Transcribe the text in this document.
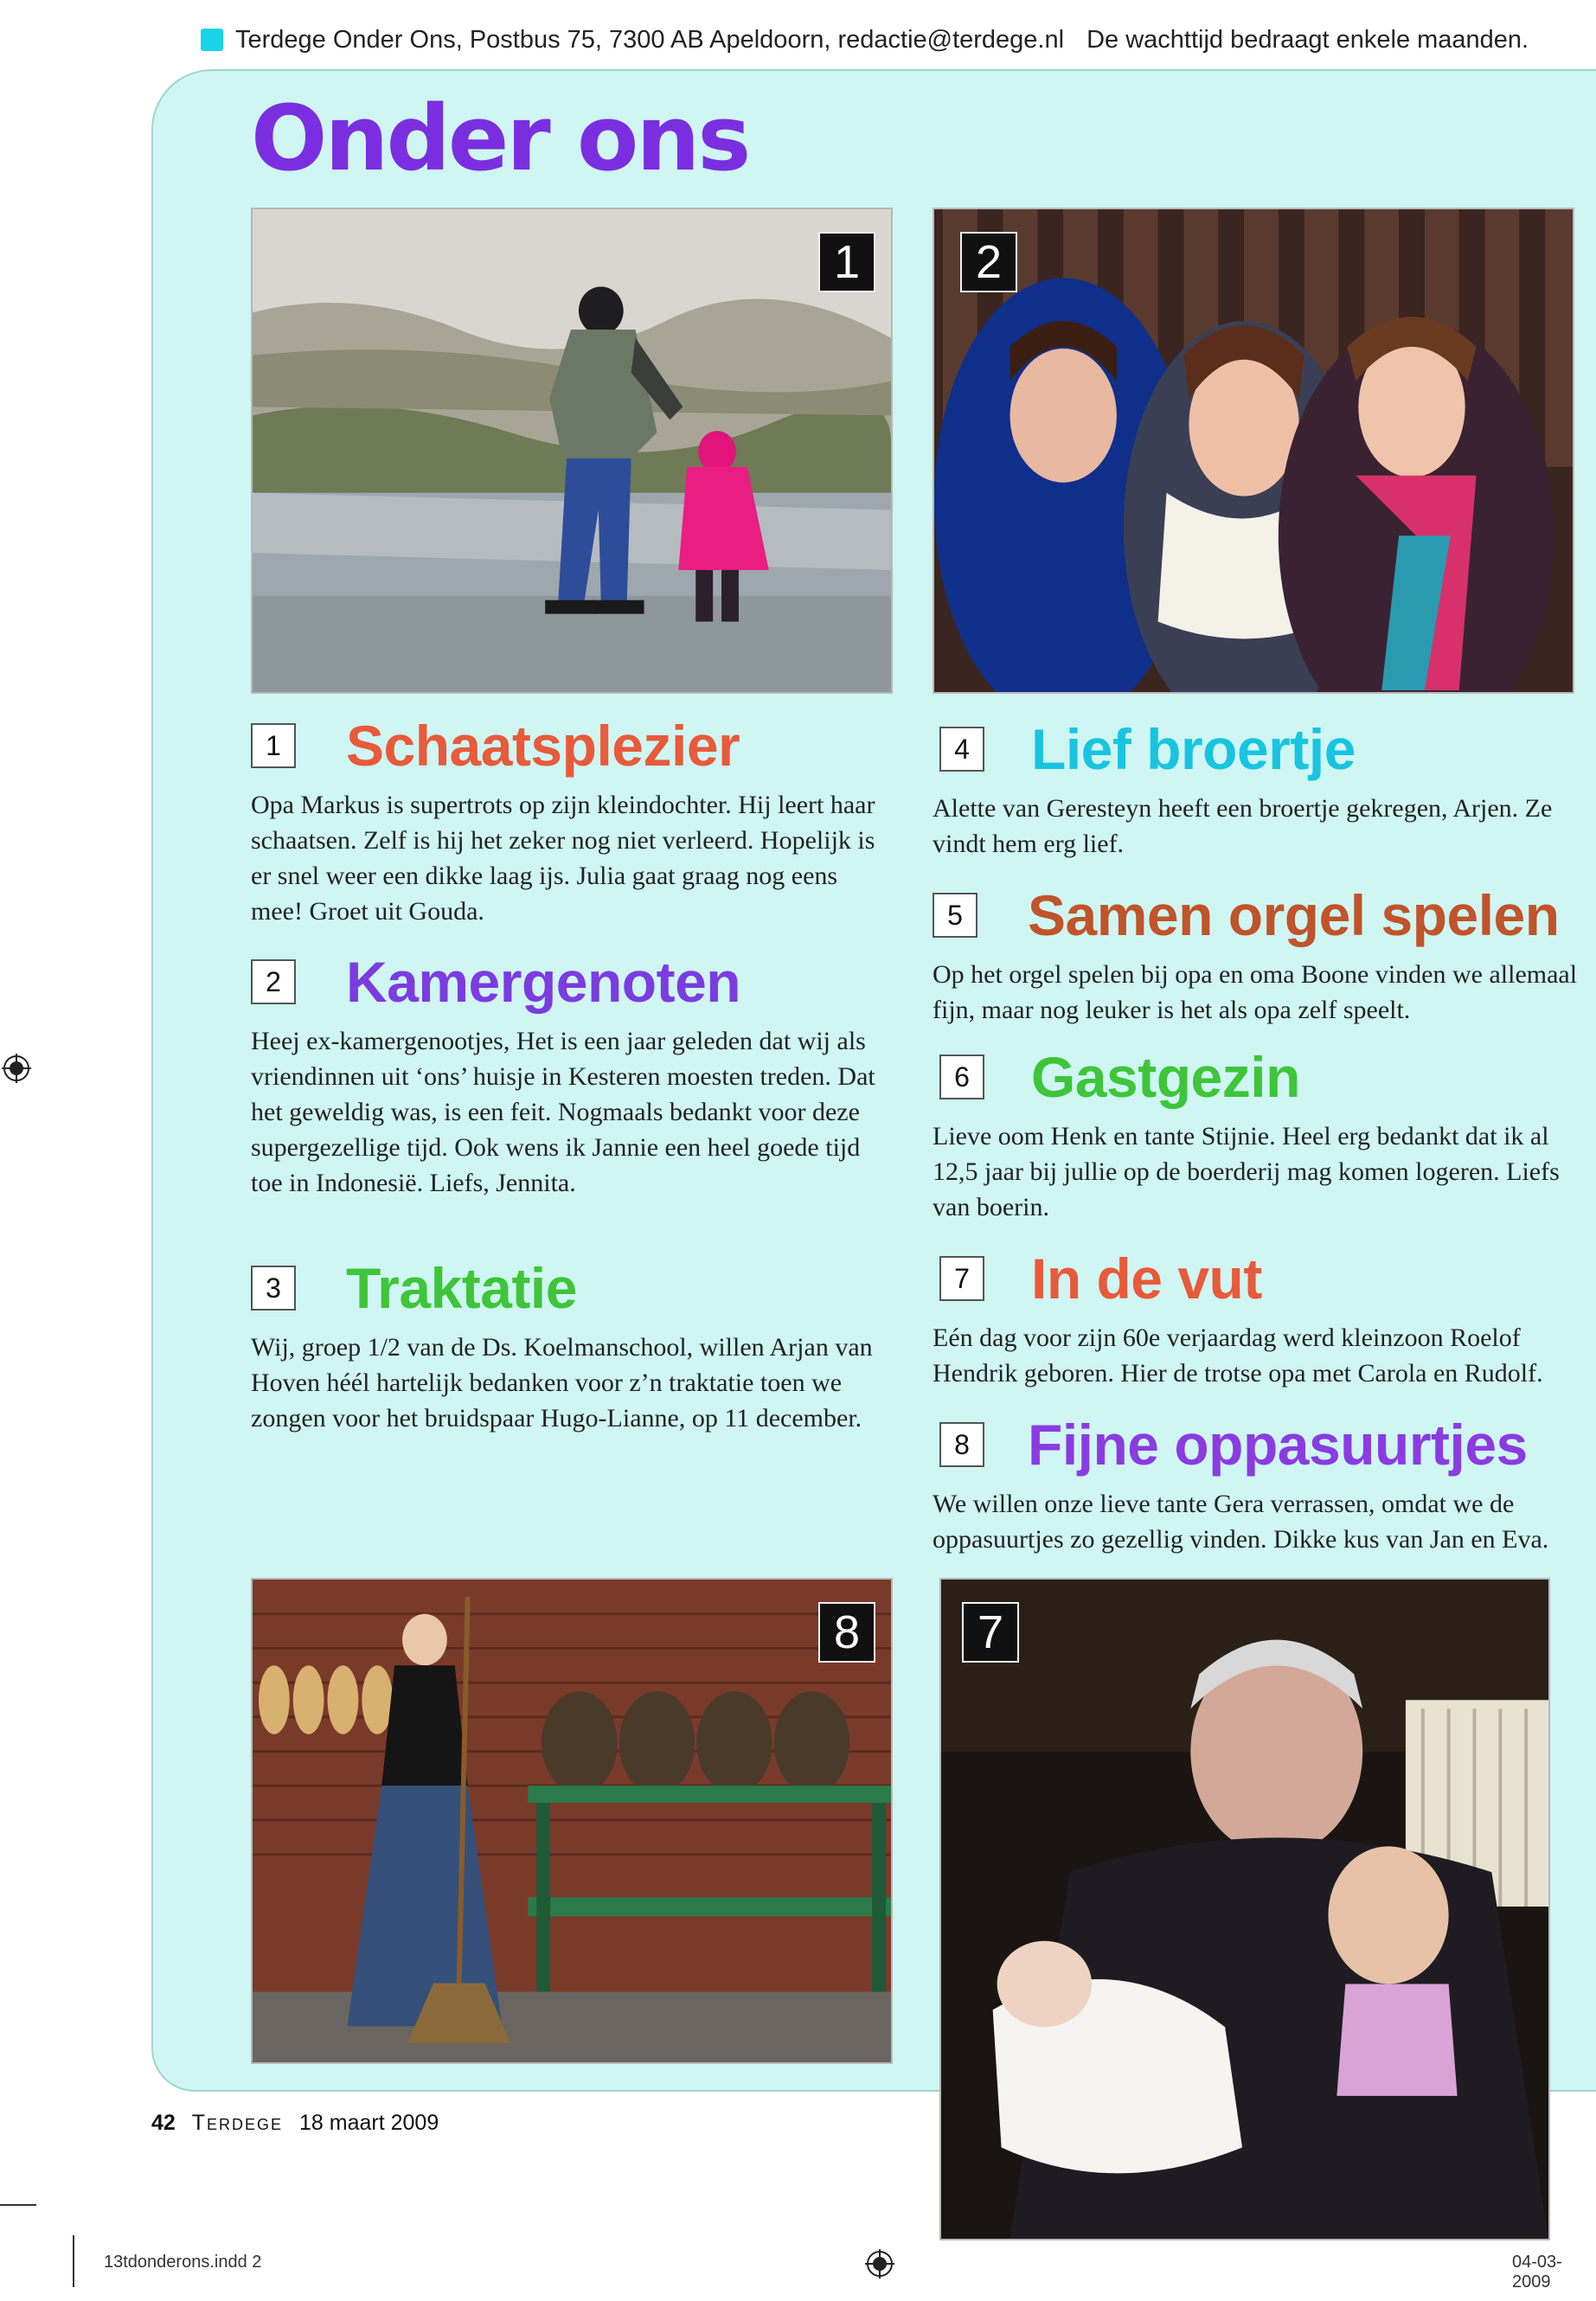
Terdege Onder Ons, Postbus 75, 7300 AB Apeldoorn, redactie@terdege.nl De wachttijd bedraagt enkele maanden.
Onder ons
1	2
1 Schaatsplezier

Opa Markus is supertrots op zijn kleindochter. Hij leert haar schaatsen. Zelf is hij het zeker nog niet verleerd. Hopelijk is er snel weer een dikke laag ijs. Julia gaat graag nog eens mee! Groet uit Gouda.

2 Kamergenoten

Heej ex-kamergenootjes, Het is een jaar geleden dat wij als vriendinnen uit ‘ons’ huisje in Kesteren moesten treden. Dat het geweldig was, is een feit. Nogmaals bedankt voor deze supergezellige tijd. Ook wens ik Jannie een heel goede tijd toe in Indonesië. Liefs, Jennita.

3 Traktatie

Wij, groep 1/2 van de Ds. Koelmanschool, willen Arjan van Hoven héél hartelijk bedanken voor z’n traktatie toen we zongen voor het bruidspaar Hugo-Lianne, op 11 december.

4 Lief broertje

Alette van Geresteyn heeft een broertje gekregen, Arjen. Ze vindt hem erg lief.

5 Samen orgel spelen

Op het orgel spelen bij opa en oma Boone vinden we allemaal fijn, maar nog leuker is het als opa zelf speelt.

6 Gastgezin

Lieve oom Henk en tante Stijnie. Heel erg bedankt dat ik al 12,5 jaar bij jullie op de boerderij mag komen logeren. Liefs van boerin.

7 In de vut

Eén dag voor zijn 60e verjaardag werd kleinzoon Roelof Hendrik geboren. Hier de trotse opa met Carola en Rudolf.

8 Fijne oppasuurtjes

We willen onze lieve tante Gera verrassen, omdat we de oppasuurtjes zo gezellig vinden. Dikke kus van Jan en Eva.

8	7
42 Terdege 18 maart 2009
13tdonderons.indd 2	04-03-2009
